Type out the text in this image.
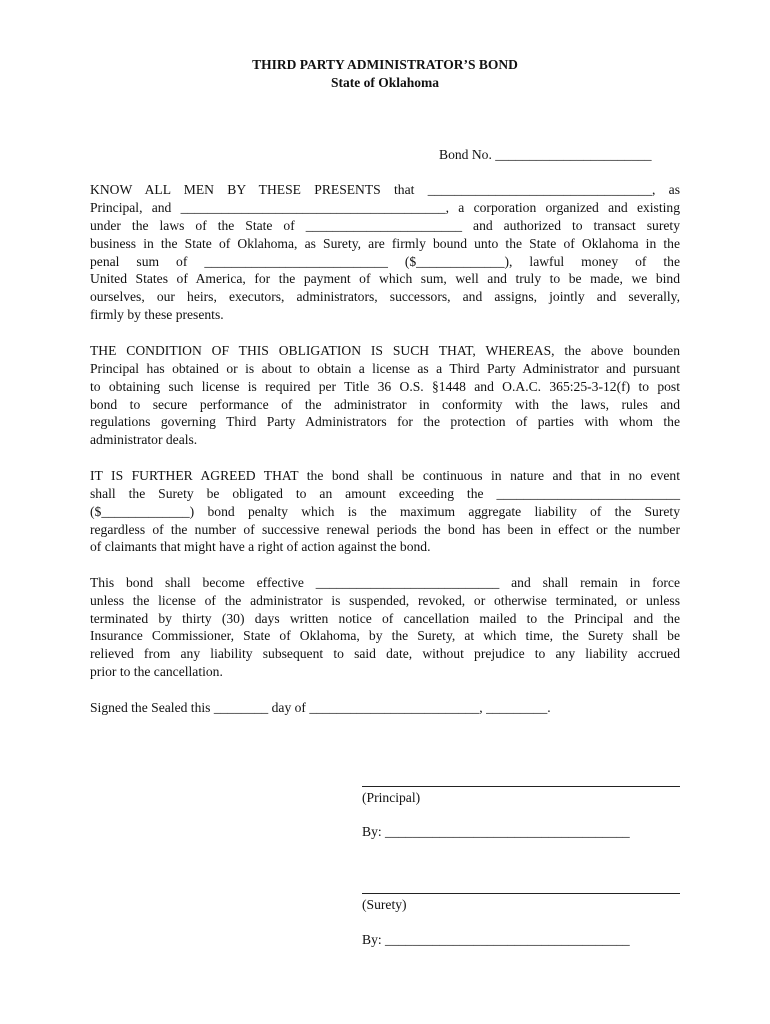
THIRD PARTY ADMINISTRATOR’S BOND
State of Oklahoma
Bond No. _______________________
KNOW ALL MEN BY THESE PRESENTS that _________________________________, as
Principal, and _______________________________________, a corporation organized and existing
under the laws of the State of _______________________ and authorized to transact surety
business in the State of Oklahoma, as Surety, are firmly bound unto the State of Oklahoma in the
penal sum of ___________________________ ($_____________), lawful money of the
United States of America, for the payment of which sum, well and truly to be made, we bind
ourselves, our heirs, executors, administrators, successors, and assigns, jointly and severally,
firmly by these presents.
THE CONDITION OF THIS OBLIGATION IS SUCH THAT, WHEREAS, the above bounden
Principal has obtained or is about to obtain a license as a Third Party Administrator and pursuant
to obtaining such license is required per Title 36 O.S. §1448 and O.A.C. 365:25-3-12(f) to post
bond to secure performance of the administrator in conformity with the laws, rules and
regulations governing Third Party Administrators for the protection of parties with whom the
administrator deals.
IT IS FURTHER AGREED THAT the bond shall be continuous in nature and that in no event
shall the Surety be obligated to an amount exceeding the ___________________________
($_____________) bond penalty which is the maximum aggregate liability of the Surety
regardless of the number of successive renewal periods the bond has been in effect or the number
of claimants that might have a right of action against the bond.
This bond shall become effective ___________________________ and shall remain in force
unless the license of the administrator is suspended, revoked, or otherwise terminated, or unless
terminated by thirty (30) days written notice of cancellation mailed to the Principal and the
Insurance Commissioner, State of Oklahoma, by the Surety, at which time, the Surety shall be
relieved from any liability subsequent to said date, without prejudice to any liability accrued
prior to the cancellation.
Signed the Sealed this ________ day of _________________________, _________.
(Principal)
By: ____________________________________
(Surety)
By: ____________________________________
